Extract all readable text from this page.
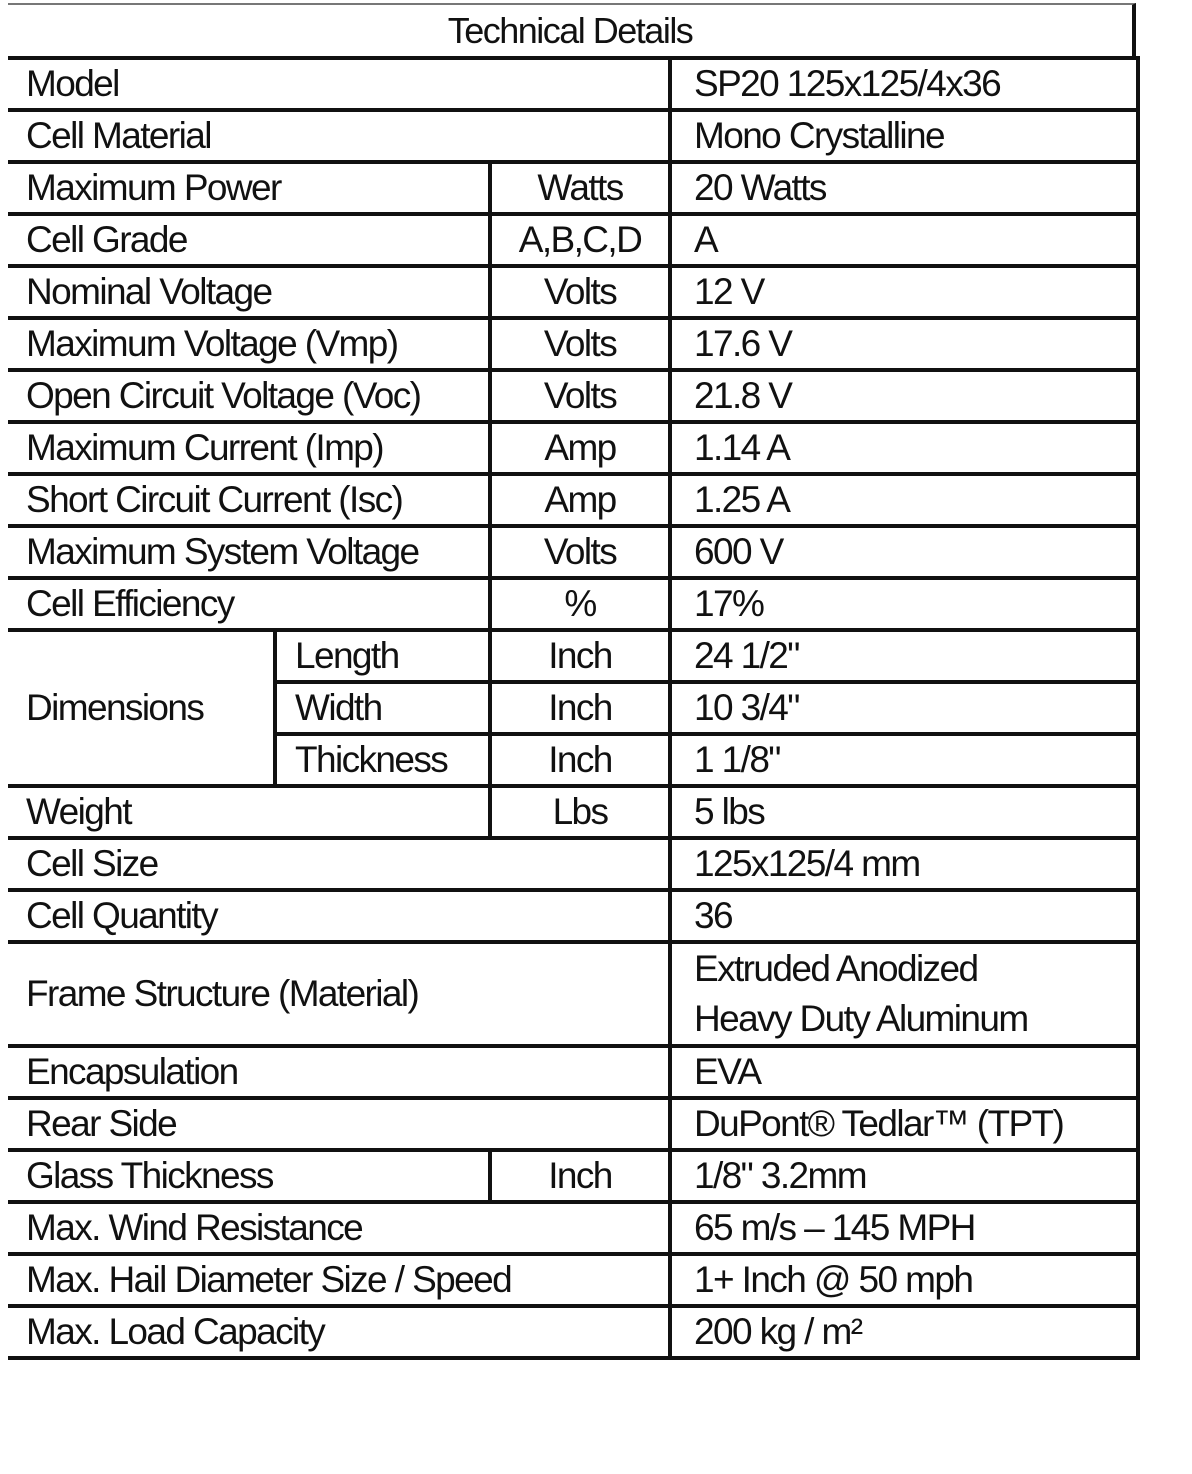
Technical Details
Model			SP20 125x125/4x36
Cell Material			Mono Crystalline
Maximum Power		Watts	20 Watts
Cell Grade		A,B,C,D	A
Nominal Voltage		Volts	12 V
Maximum Voltage (Vmp)		Volts	17.6 V
Open Circuit Voltage (Voc)		Volts	21.8 V
Maximum Current (Imp)		Amp	1.14 A
Short Circuit Current (Isc)		Amp	1.25 A
Maximum System Voltage		Volts	600 V
Cell Efficiency		%	17%
Dimensions	Length	Inch	24 1/2"
	Width	Inch	10 3/4"
	Thickness	Inch	1 1/8"
Weight		Lbs	5 lbs
Cell Size			125x125/4 mm
Cell Quantity			36
Frame Structure (Material)			Extruded Anodized
Heavy Duty Aluminum

Encapsulation			EVA
Rear Side			DuPont® Tedlar™ (TPT)
Glass Thickness		Inch	1/8" 3.2mm
Max. Wind Resistance			65 m/s – 145 MPH
Max. Hail Diameter Size / Speed			1+ Inch @ 50 mph
Max. Load Capacity			200 kg / m²
